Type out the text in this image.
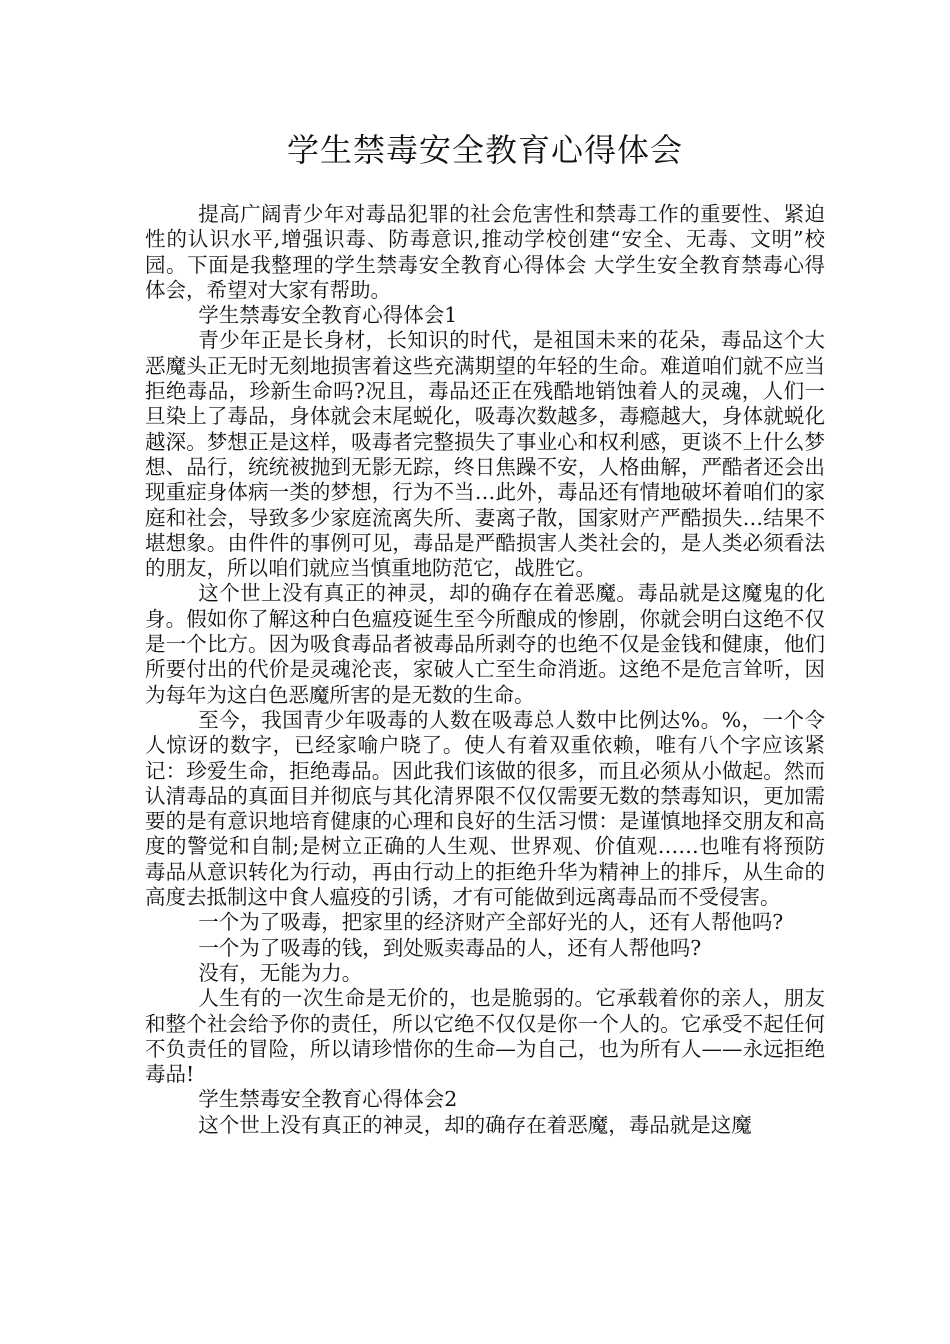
学生禁毒安全教育心得体会

提高广阔青少年对毒品犯罪的社会危害性和禁毒工作的重要性、紧迫性的认识水平,增强识毒、防毒意识,推动学校创建“安全、无毒、文明”校园。下面是我整理的学生禁毒安全教育心得体会 大学生安全教育禁毒心得体会，希望对大家有帮助。

学生禁毒安全教育心得体会1

青少年正是长身材，长知识的时代，是祖国未来的花朵，毒品这个大恶魔头正无时无刻地损害着这些充满期望的年轻的生命。难道咱们就不应当拒绝毒品，珍新生命吗?况且，毒品还正在残酷地销蚀着人的灵魂，人们一旦染上了毒品，身体就会末尾蜕化，吸毒次数越多，毒瘾越大，身体就蜕化越深。梦想正是这样，吸毒者完整损失了事业心和权利感，更谈不上什么梦想、品行，统统被抛到无影无踪，终日焦躁不安，人格曲解，严酷者还会出现重症身体病一类的梦想，行为不当…此外，毒品还有情地破坏着咱们的家庭和社会，导致多少家庭流离失所、妻离子散，国家财产严酷损失…结果不堪想象。由件件的事例可见，毒品是严酷损害人类社会的，是人类必须看法的朋友，所以咱们就应当慎重地防范它，战胜它。

这个世上没有真正的神灵，却的确存在着恶魔。毒品就是这魔鬼的化身。假如你了解这种白色瘟疫诞生至今所酿成的惨剧，你就会明白这绝不仅是一个比方。因为吸食毒品者被毒品所剥夺的也绝不仅是金钱和健康，他们所要付出的代价是灵魂沦丧，家破人亡至生命消逝。这绝不是危言耸听，因为每年为这白色恶魔所害的是无数的生命。

至今，我国青少年吸毒的人数在吸毒总人数中比例达%。%，一个令人惊讶的数字，已经家喻户晓了。使人有着双重依赖，唯有八个字应该紧记：珍爱生命，拒绝毒品。因此我们该做的很多，而且必须从小做起。然而认清毒品的真面目并彻底与其化清界限不仅仅需要无数的禁毒知识，更加需要的是有意识地培育健康的心理和良好的生活习惯：是谨慎地择交朋友和高度的警觉和自制;是树立正确的人生观、世界观、价值观……也唯有将预防毒品从意识转化为行动，再由行动上的拒绝升华为精神上的排斥，从生命的高度去抵制这中食人瘟疫的引诱，才有可能做到远离毒品而不受侵害。

一个为了吸毒，把家里的经济财产全部好光的人，还有人帮他吗?

一个为了吸毒的钱，到处贩卖毒品的人，还有人帮他吗?

没有，无能为力。

人生有的一次生命是无价的，也是脆弱的。它承载着你的亲人，朋友和整个社会给予你的责任，所以它绝不仅仅是你一个人的。它承受不起任何不负责任的冒险，所以请珍惜你的生命—为自己，也为所有人——永远拒绝毒品!

学生禁毒安全教育心得体会2

这个世上没有真正的神灵，却的确存在着恶魔，毒品就是这魔
